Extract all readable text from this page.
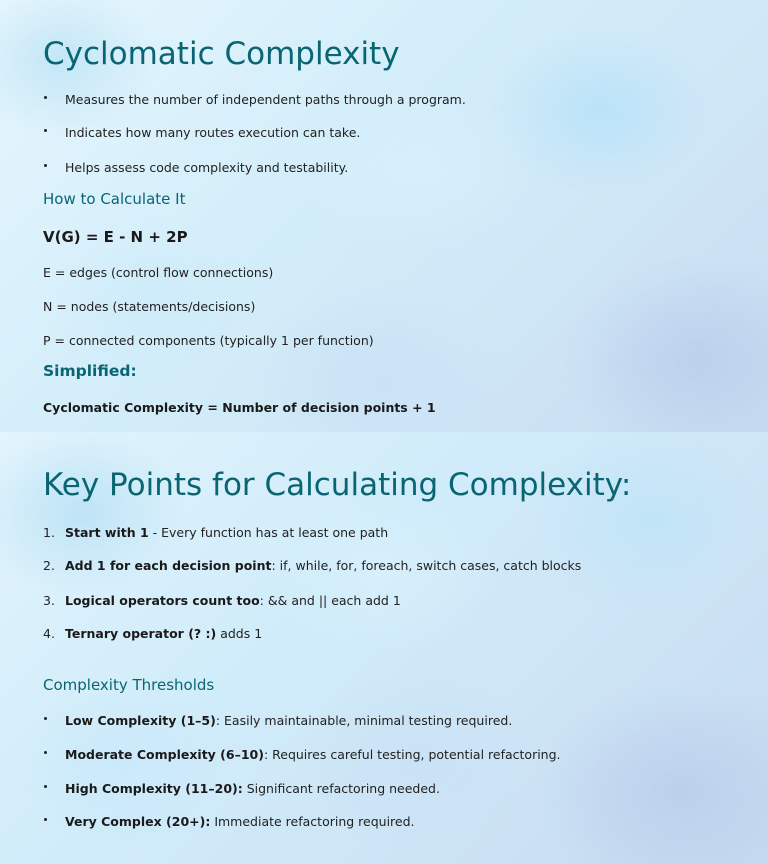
Cyclomatic Complexity
Measures the number of independent paths through a program.
Indicates how many routes execution can take.
Helps assess code complexity and testability.
How to Calculate It
V(G) = E - N + 2P
E = edges (control flow connections)
N = nodes (statements/decisions)
P = connected components (typically 1 per function)
Simplified:
Cyclomatic Complexity = Number of decision points + 1
Key Points for Calculating Complexity:
1. Start with 1 - Every function has at least one path
2. Add 1 for each decision point: if, while, for, foreach, switch cases, catch blocks
3. Logical operators count too: && and || each add 1
4. Ternary operator (? :) adds 1
Complexity Thresholds
Low Complexity (1–5): Easily maintainable, minimal testing required.
Moderate Complexity (6–10): Requires careful testing, potential refactoring.
High Complexity (11–20): Significant refactoring needed.
Very Complex (20+): Immediate refactoring required.
